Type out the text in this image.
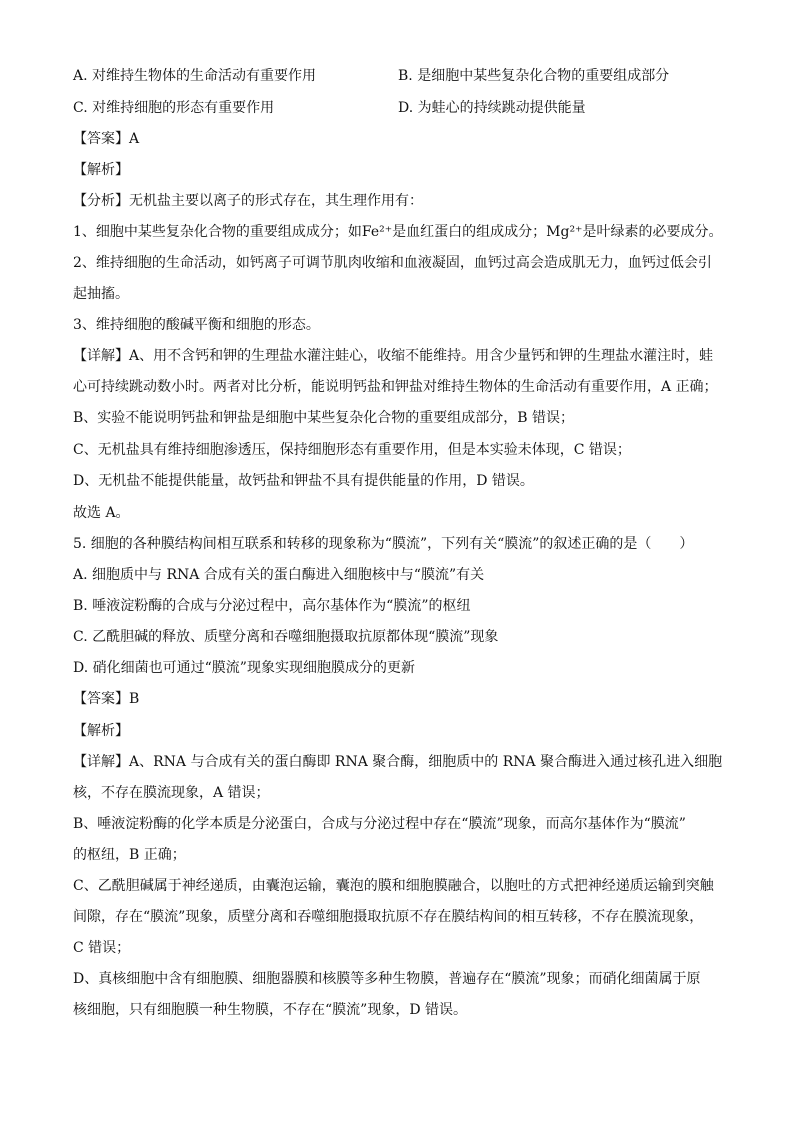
A. 对维持生物体的生命活动有重要作用	B. 是细胞中某些复杂化合物的重要组成部分
C. 对维持细胞的形态有重要作用	D. 为蛙心的持续跳动提供能量
【答案】A
【解析】
【分析】无机盐主要以离子的形式存在，其生理作用有：
1、细胞中某些复杂化合物的重要组成成分；如Fe²⁺是血红蛋白的组成成分；Mg²⁺是叶绿素的必要成分。
2、维持细胞的生命活动，如钙离子可调节肌肉收缩和血液凝固，血钙过高会造成肌无力，血钙过低会引
起抽搐。
3、维持细胞的酸碱平衡和细胞的形态。
【详解】A、用不含钙和钾的生理盐水灌注蛙心，收缩不能维持。用含少量钙和钾的生理盐水灌注时，蛙
心可持续跳动数小时。两者对比分析，能说明钙盐和钾盐对维持生物体的生命活动有重要作用，A 正确；
B、实验不能说明钙盐和钾盐是细胞中某些复杂化合物的重要组成部分，B 错误；
C、无机盐具有维持细胞渗透压，保持细胞形态有重要作用，但是本实验未体现，C 错误；
D、无机盐不能提供能量，故钙盐和钾盐不具有提供能量的作用，D 错误。
故选 A。
5. 细胞的各种膜结构间相互联系和转移的现象称为“膜流”，下列有关“膜流”的叙述正确的是（　　）
A. 细胞质中与 RNA 合成有关的蛋白酶进入细胞核中与“膜流”有关
B. 唾液淀粉酶的合成与分泌过程中，高尔基体作为“膜流”的枢纽
C. 乙酰胆碱的释放、质壁分离和吞噬细胞摄取抗原都体现“膜流”现象
D. 硝化细菌也可通过“膜流”现象实现细胞膜成分的更新
【答案】B
【解析】
【详解】A、RNA 与合成有关的蛋白酶即 RNA 聚合酶，细胞质中的 RNA 聚合酶进入通过核孔进入细胞
核，不存在膜流现象，A 错误；
B、唾液淀粉酶的化学本质是分泌蛋白，合成与分泌过程中存在“膜流”现象，而高尔基体作为“膜流”
的枢纽，B 正确；
C、乙酰胆碱属于神经递质，由囊泡运输，囊泡的膜和细胞膜融合，以胞吐的方式把神经递质运输到突触
间隙，存在“膜流”现象，质壁分离和吞噬细胞摄取抗原不存在膜结构间的相互转移，不存在膜流现象，
C 错误；
D、真核细胞中含有细胞膜、细胞器膜和核膜等多种生物膜，普遍存在“膜流”现象；而硝化细菌属于原
核细胞，只有细胞膜一种生物膜，不存在“膜流”现象，D 错误。
